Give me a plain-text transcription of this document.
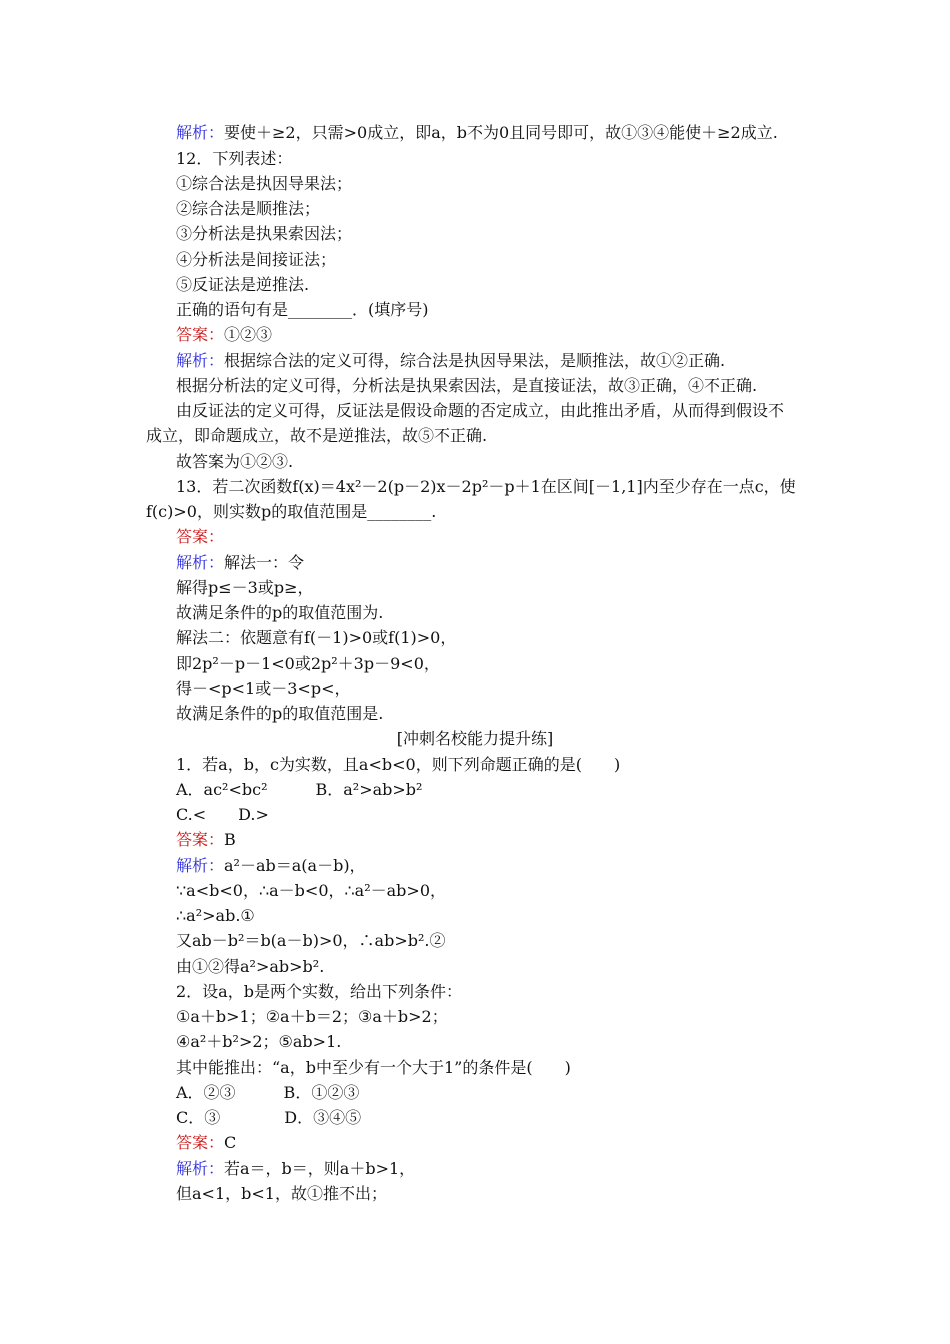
解析：要使＋≥2，只需>0成立，即a，b不为0且同号即可，故①③④能使＋≥2成立.
12．下列表述：
①综合法是执因导果法；
②综合法是顺推法；
③分析法是执果索因法；
④分析法是间接证法；
⑤反证法是逆推法.
正确的语句有是________．(填序号)
答案：①②③
解析：根据综合法的定义可得，综合法是执因导果法，是顺推法，故①②正确.
根据分析法的定义可得，分析法是执果索因法，是直接证法，故③正确，④不正确.
由反证法的定义可得，反证法是假设命题的否定成立，由此推出矛盾，从而得到假设不
成立，即命题成立，故不是逆推法，故⑤不正确.
故答案为①②③.
13．若二次函数f(x)＝4x²－2(p－2)x－2p²－p＋1在区间[－1,1]内至少存在一点c，使
f(c)>0，则实数p的取值范围是________.
答案：
解析：解法一：令
解得p≤－3或p≥，
故满足条件的p的取值范围为.
解法二：依题意有f(－1)>0或f(1)>0，
即2p²－p－1<0或2p²＋3p－9<0，
得－<p<1或－3<p<，
故满足条件的p的取值范围是.
[冲刺名校能力提升练]
1．若a，b，c为实数，且a<b<0，则下列命题正确的是(　　)
A．ac²<bc²　　　B．a²>ab>b²
C.<　　D.>
答案：B
解析：a²－ab＝a(a－b)，
∵a<b<0，∴a－b<0，∴a²－ab>0，
∴a²>ab.①
又ab－b²＝b(a－b)>0，∴ab>b².②
由①②得a²>ab>b².
2．设a，b是两个实数，给出下列条件：
①a＋b>1；②a＋b＝2；③a＋b>2；
④a²＋b²>2；⑤ab>1.
其中能推出：“a，b中至少有一个大于1”的条件是(　　)
A．②③　　　B．①②③
C．③　　　　D．③④⑤
答案：C
解析：若a＝，b＝，则a＋b>1，
但a<1，b<1，故①推不出；
